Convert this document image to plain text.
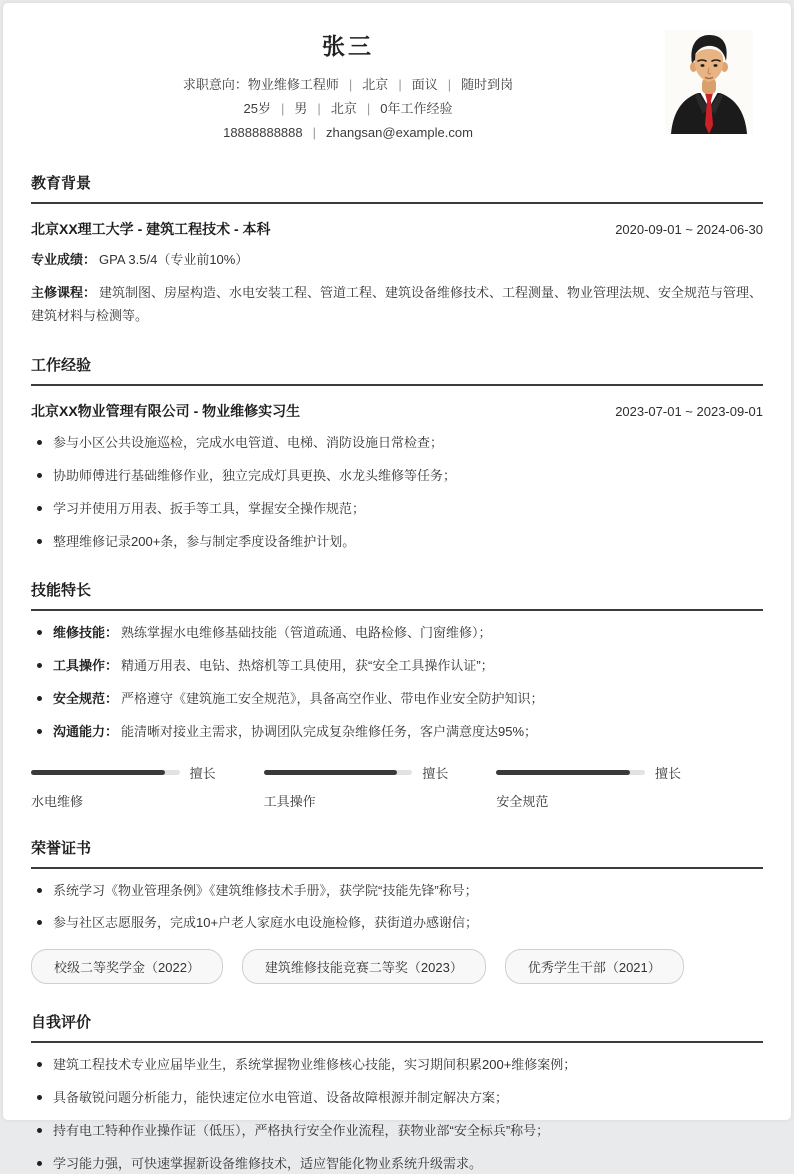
张三
求职意向：物业维修工程师 | 北京 | 面议 | 随时到岗
25岁 | 男 | 北京 | 0年工作经验
18888888888 | zhangsan@example.com
教育背景
北京XX理工大学 - 建筑工程技术 - 本科	2020-09-01 ~ 2024-06-30
专业成绩： GPA 3.5/4（专业前10%）
主修课程： 建筑制图、房屋构造、水电安装工程、管道工程、建筑设备维修技术、工程测量、物业管理法规、安全规范与管理、建筑材料与检测等。
工作经验
北京XX物业管理有限公司 - 物业维修实习生	2023-07-01 ~ 2023-09-01
参与小区公共设施巡检，完成水电管道、电梯、消防设施日常检查；
协助师傅进行基础维修作业，独立完成灯具更换、水龙头维修等任务；
学习并使用万用表、扳手等工具，掌握安全操作规范；
整理维修记录200+条，参与制定季度设备维护计划。
技能特长
维修技能： 熟练掌握水电维修基础技能（管道疏通、电路检修、门窗维修）；
工具操作： 精通万用表、电钻、热熔机等工具使用，获“安全工具操作认证”；
安全规范： 严格遵守《建筑施工安全规范》，具备高空作业、带电作业安全防护知识；
沟通能力： 能清晰对接业主需求，协调团队完成复杂维修任务，客户满意度达95%；
擅长
水电维修
擅长
工具操作
擅长
安全规范
荣誉证书
系统学习《物业管理条例》《建筑维修技术手册》，获学院“技能先锋”称号；
参与社区志愿服务，完成10+户老人家庭水电设施检修，获街道办感谢信；
校级二等奖学金（2022）	建筑维修技能竞赛二等奖（2023）	优秀学生干部（2021）
自我评价
建筑工程技术专业应届毕业生，系统掌握物业维修核心技能，实习期间积累200+维修案例；
具备敏锐问题分析能力，能快速定位水电管道、设备故障根源并制定解决方案；
持有电工特种作业操作证（低压），严格执行安全作业流程，获物业部“安全标兵”称号；
学习能力强，可快速掌握新设备维修技术，适应智能化物业系统升级需求。
